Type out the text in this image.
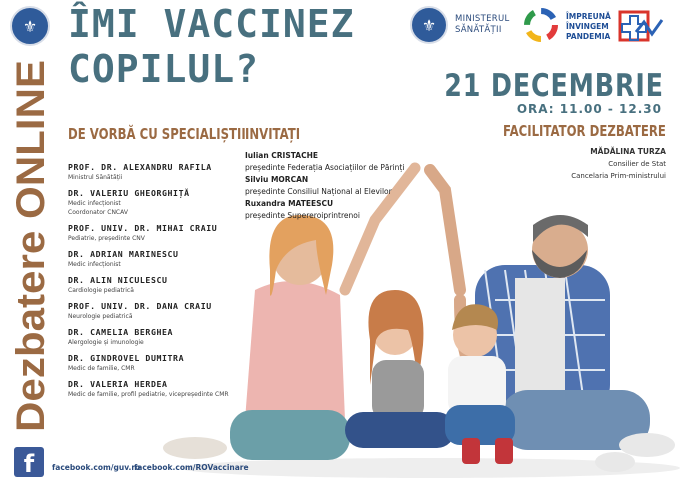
⚜ ÎMI VACCINEZ
COPILUL?
Dezbatere ONLINE
⚜	MINISTERUL
SĂNĂTĂȚII
ÎMPREUNĂ
ÎNVINGEM
PANDEMIA
21 DECEMBRIE
ORA: 11.00 - 12.30
DE VORBĂ CU SPECIALIȘTII
PROF. DR. ALEXANDRU RAFILA
Ministrul Sănătății
DR. VALERIU GHEORGHIȚĂ
Medic infecționist
Coordonator CNCAV
PROF. UNIV. DR. MIHAI CRAIU
Pediatrie, președinte CNV
DR. ADRIAN MARINESCU
Medic infecționist
DR. ALIN NICULESCU
Cardiologie pediatrică
PROF. UNIV. DR. DANA CRAIU
Neurologie pediatrică
DR. CAMELIA BERGHEA
Alergologie și imunologie
DR. GINDROVEL DUMITRA
Medic de familie, CMR
DR. VALERIA HERDEA
Medic de familie, profil pediatrie, vicepreședinte CMR
INVITAȚI
Iulian CRISTACHE
președinte Federația Asociațiilor de Părinți
Silviu MORCAN
președinte Consiliul Național al Elevilor
Ruxandra MATEESCU
președinte Supereroiprintrenoi
FACILITATOR DEZBATERE
MĂDĂLINA TURZA
Consilier de Stat
Cancelaria Prim-ministrului
f	facebook.com/guv.ro
facebook.com/ROVaccinare
